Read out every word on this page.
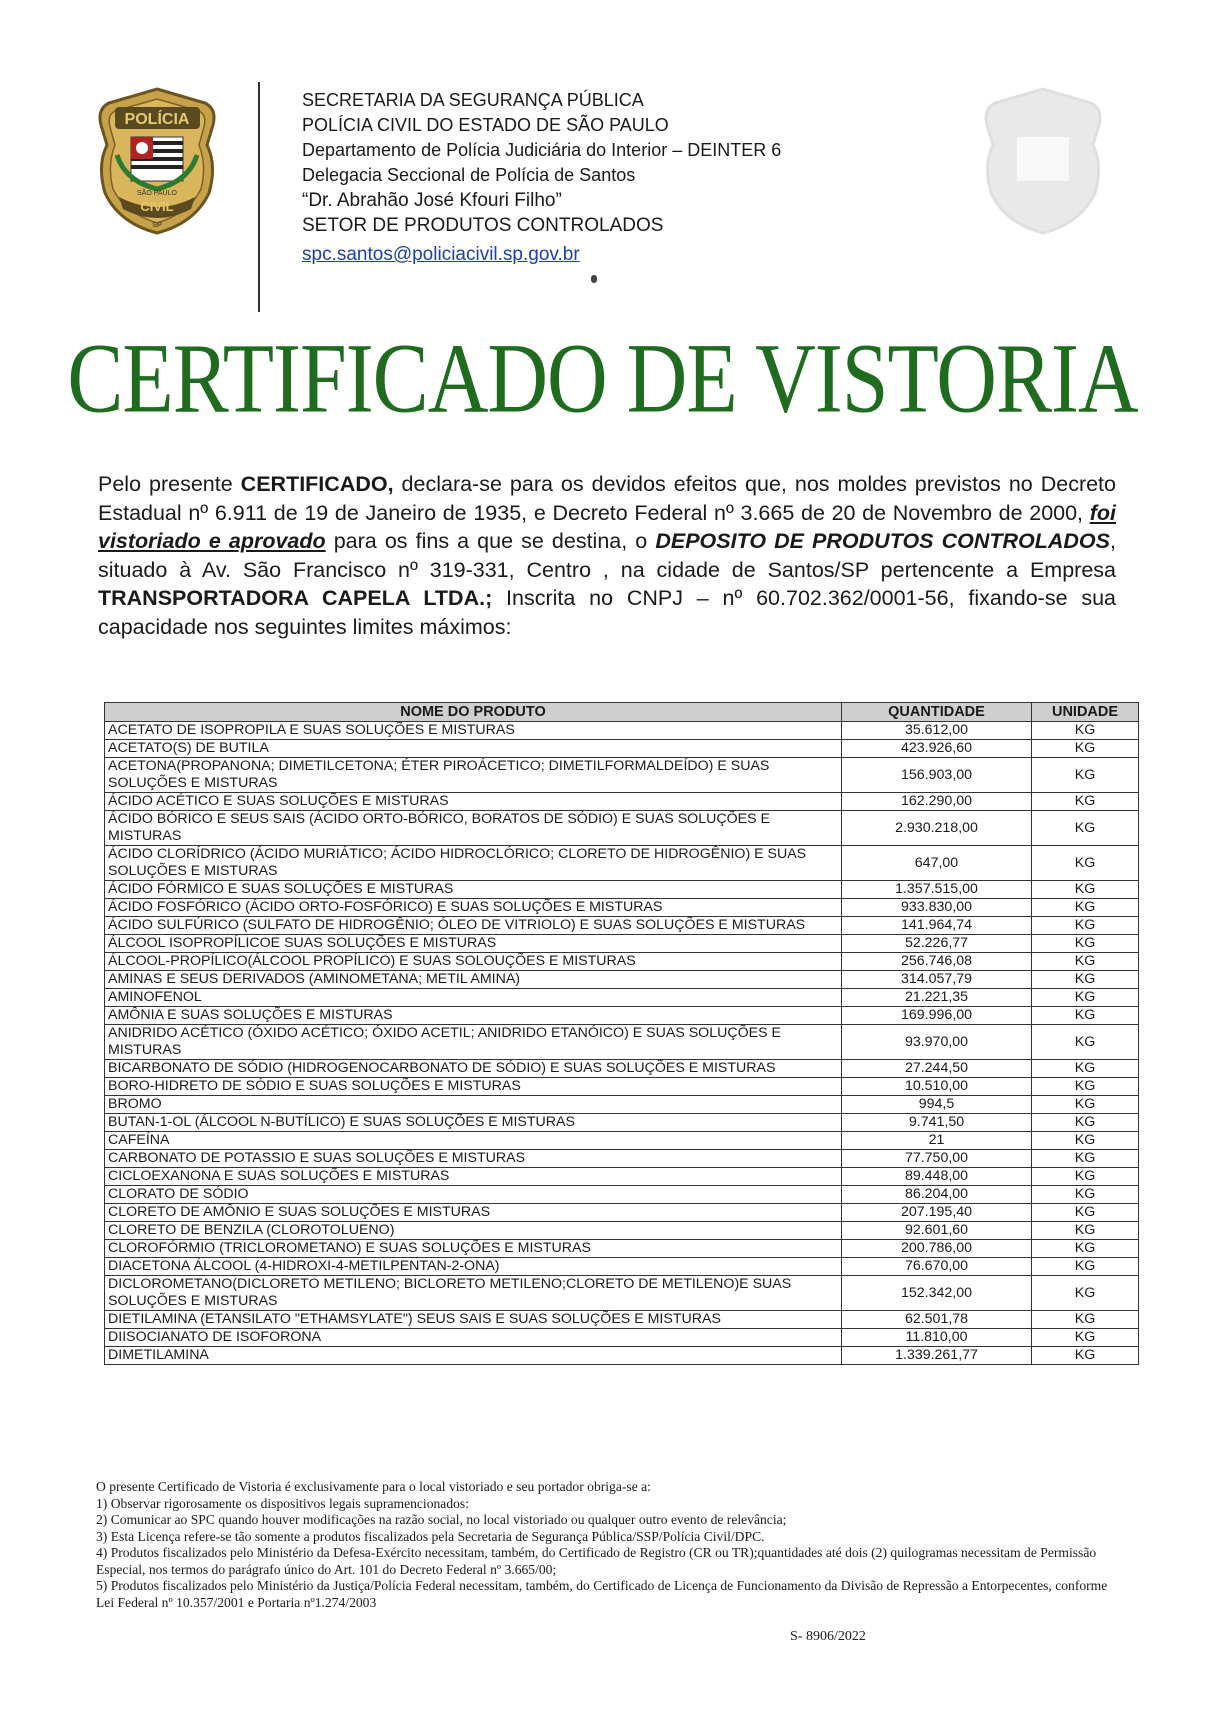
POLÍCIA
SÃO PAULO
CIVIL
SP
SECRETARIA DA SEGURANÇA PÚBLICA
POLÍCIA CIVIL DO ESTADO DE SÃO PAULO
Departamento de Polícia Judiciária do Interior – DEINTER 6
Delegacia Seccional de Polícia de Santos
“Dr. Abrahão José Kfouri Filho”
SETOR DE PRODUTOS CONTROLADOS
spc.santos@policiacivil.sp.gov.br
CERTIFICADO DE VISTORIA
Pelo presente CERTIFICADO, declara-se para os devidos efeitos que, nos moldes previstos no Decreto Estadual nº 6.911 de 19 de Janeiro de 1935, e Decreto Federal nº 3.665 de 20 de Novembro de 2000, foi vistoriado e aprovado para os fins a que se destina, o DEPOSITO DE PRODUTOS CONTROLADOS, situado à Av. São Francisco nº 319-331, Centro , na cidade de Santos/SP pertencente a Empresa TRANSPORTADORA CAPELA LTDA.; Inscrita no CNPJ – nº 60.702.362/0001-56, fixando-se sua capacidade nos seguintes limites máximos:
NOME DO PRODUTO	QUANTIDADE	UNIDADE
ACETATO DE ISOPROPILA E SUAS SOLUÇÕES E MISTURAS	35.612,00	KG
ACETATO(S) DE BUTILA	423.926,60	KG
ACETONA(PROPANONA; DIMETILCETONA; ÉTER PIROÁCETICO; DIMETILFORMALDEÍDO) E SUAS SOLUÇÕES E MISTURAS	156.903,00	KG
ÁCIDO ACÉTICO E SUAS SOLUÇÕES E MISTURAS	162.290,00	KG
ÁCIDO BÓRICO E SEUS SAIS (ÁCIDO ORTO-BÓRICO, BORATOS DE SÓDIO) E SUAS SOLUÇÕES E MISTURAS	2.930.218,00	KG
ÁCIDO CLORÍDRICO (ÁCIDO MURIÁTICO; ÁCIDO HIDROCLÓRICO; CLORETO DE HIDROGÊNIO) E SUAS SOLUÇÕES E MISTURAS	647,00	KG
ÁCIDO FÓRMICO E SUAS SOLUÇÕES E MISTURAS	1.357.515,00	KG
ÁCIDO FOSFÓRICO (ÁCIDO ORTO-FOSFÓRICO) E SUAS SOLUÇÕES E MISTURAS	933.830,00	KG
ÁCIDO SULFÚRICO (SULFATO DE HIDROGÊNIO; ÓLEO DE VITRIOLO) E SUAS SOLUÇÕES E MISTURAS	141.964,74	KG
ÁLCOOL ISOPROPÍLICOE SUAS SOLUÇÕES E MISTURAS	52.226,77	KG
ÁLCOOL-PROPÍLICO(ÁLCOOL PROPÍLICO) E SUAS SOLOUÇÕES E MISTURAS	256.746,08	KG
AMINAS E SEUS DERIVADOS (AMINOMETANA; METIL AMINA)	314.057,79	KG
AMINOFENOL	21.221,35	KG
AMÔNIA E SUAS SOLUÇÕES E MISTURAS	169.996,00	KG
ANIDRIDO ACÉTICO (ÓXIDO ACÉTICO; ÓXIDO ACETIL; ANIDRIDO ETANÓICO) E SUAS SOLUÇÕES E MISTURAS	93.970,00	KG
BICARBONATO DE SÓDIO (HIDROGENOCARBONATO DE SÓDIO) E SUAS SOLUÇÕES E MISTURAS	27.244,50	KG
BORO-HIDRETO DE SÓDIO E SUAS SOLUÇÕES E MISTURAS	10.510,00	KG
BROMO	994,5	KG
BUTAN-1-OL (ÁLCOOL N-BUTÍLICO) E SUAS SOLUÇÕES E MISTURAS	9.741,50	KG
CAFEÍNA	21	KG
CARBONATO DE POTASSIO E SUAS SOLUÇÕES E MISTURAS	77.750,00	KG
CICLOEXANONA E SUAS SOLUÇÕES E MISTURAS	89.448,00	KG
CLORATO DE SÓDIO	86.204,00	KG
CLORETO DE AMÔNIO E SUAS SOLUÇÕES E MISTURAS	207.195,40	KG
CLORETO DE BENZILA (CLOROTOLUENO)	92.601,60	KG
CLOROFÓRMIO (TRICLOROMETANO) E SUAS SOLUÇÕES E MISTURAS	200.786,00	KG
DIACETONA ÁLCOOL (4-HIDROXI-4-METILPENTAN-2-ONA)	76.670,00	KG
DICLOROMETANO(DICLORETO METILENO; BICLORETO METILENO;CLORETO DE METILENO)E SUAS SOLUÇÕES E MISTURAS	152.342,00	KG
DIETILAMINA (ETANSILATO "ETHAMSYLATE") SEUS SAIS E SUAS SOLUÇÕES E MISTURAS	62.501,78	KG
DIISOCIANATO DE ISOFORONA	11.810,00	KG
DIMETILAMINA	1.339.261,77	KG
O presente Certificado de Vistoria é exclusivamente para o local vistoriado e seu portador obriga-se a:
1) Observar rigorosamente os dispositivos legais supramencionados:
2) Comunicar ao SPC quando houver modificações na razão social, no local vistoriado ou qualquer outro evento de relevância;
3) Esta Licença refere-se tão somente a produtos fiscalizados pela Secretaria de Segurança Pública/SSP/Polícia Civil/DPC.
4) Produtos fiscalizados pelo Ministério da Defesa-Exército necessitam, também, do Certificado de Registro (CR ou TR);quantidades até dois (2) quilogramas necessitam de Permissão Especial, nos termos do parágrafo único do Art. 101 do Decreto Federal nº 3.665/00;
5) Produtos fiscalizados pelo Ministério da Justiça/Polícia Federal necessitam, também, do Certificado de Licença de Funcionamento da Divisão de Repressão a Entorpecentes, conforme Lei Federal nº 10.357/2001 e Portaria nº1.274/2003
S- 8906/2022
